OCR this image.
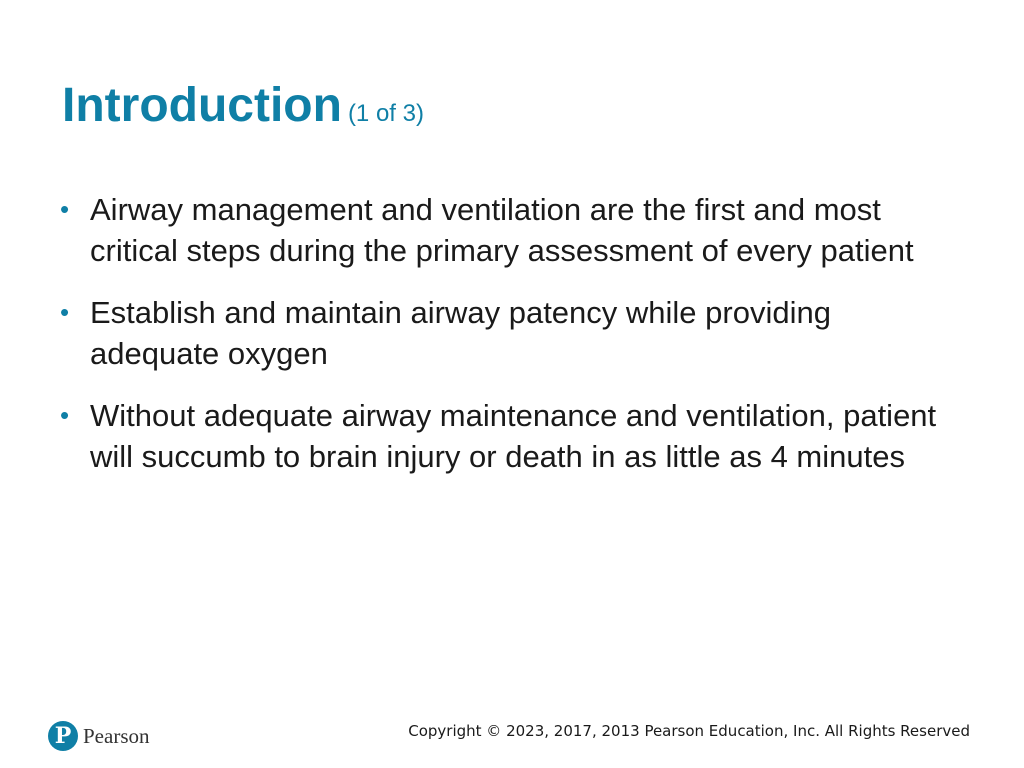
Introduction (1 of 3)
• Airway management and ventilation are the first and most critical steps during the primary assessment of every patient
• Establish and maintain airway patency while providing adequate oxygen
• Without adequate airway maintenance and ventilation, patient will succumb to brain injury or death in as little as 4 minutes
P Pearson	Copyright © 2023, 2017, 2013 Pearson Education, Inc. All Rights Reserved
